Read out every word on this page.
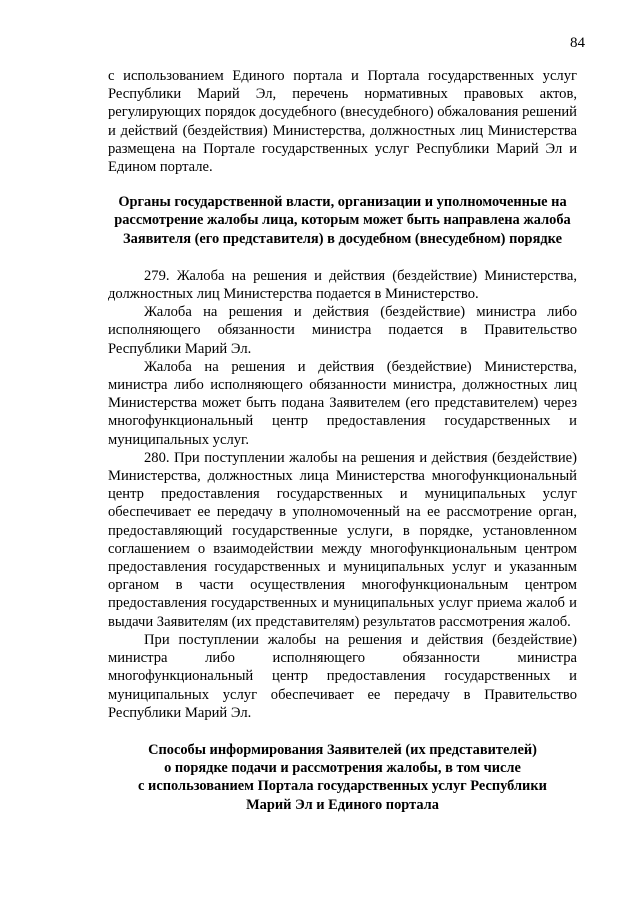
84

с использованием Единого портала и Портала государственных услуг Республики Марий Эл, перечень нормативных правовых актов, регулирующих порядок досудебного (внесудебного) обжалования решений и действий (бездействия) Министерства, должностных лиц Министерства размещена на Портале государственных услуг Республики Марий Эл и Едином портале.

Органы государственной власти, организации и уполномоченные на рассмотрение жалобы лица, которым может быть направлена жалоба Заявителя (его представителя) в досудебном (внесудебном) порядке

279. Жалоба на решения и действия (бездействие) Министерства, должностных лиц Министерства подается в Министерство.

Жалоба на решения и действия (бездействие) министра либо исполняющего обязанности министра подается в Правительство Республики Марий Эл.

Жалоба на решения и действия (бездействие) Министерства, министра либо исполняющего обязанности министра, должностных лиц Министерства может быть подана Заявителем (его представителем) через многофункциональный центр предоставления государственных и муниципальных услуг.

280. При поступлении жалобы на решения и действия (бездействие) Министерства, должностных лица Министерства многофункциональный центр предоставления государственных и муниципальных услуг обеспечивает ее передачу в уполномоченный на ее рассмотрение орган, предоставляющий государственные услуги, в порядке, установленном соглашением о взаимодействии между многофункциональным центром предоставления государственных и муниципальных услуг и указанным органом в части осуществления многофункциональным центром предоставления государственных и муниципальных услуг приема жалоб и выдачи Заявителям (их представителям) результатов рассмотрения жалоб.

При поступлении жалобы на решения и действия (бездействие) министра либо исполняющего обязанности министра многофункциональный центр предоставления государственных и муниципальных услуг обеспечивает ее передачу в Правительство Республики Марий Эл.

Способы информирования Заявителей (их представителей)
о порядке подачи и рассмотрения жалобы, в том числе
с использованием Портала государственных услуг Республики
Марий Эл и Единого портала
